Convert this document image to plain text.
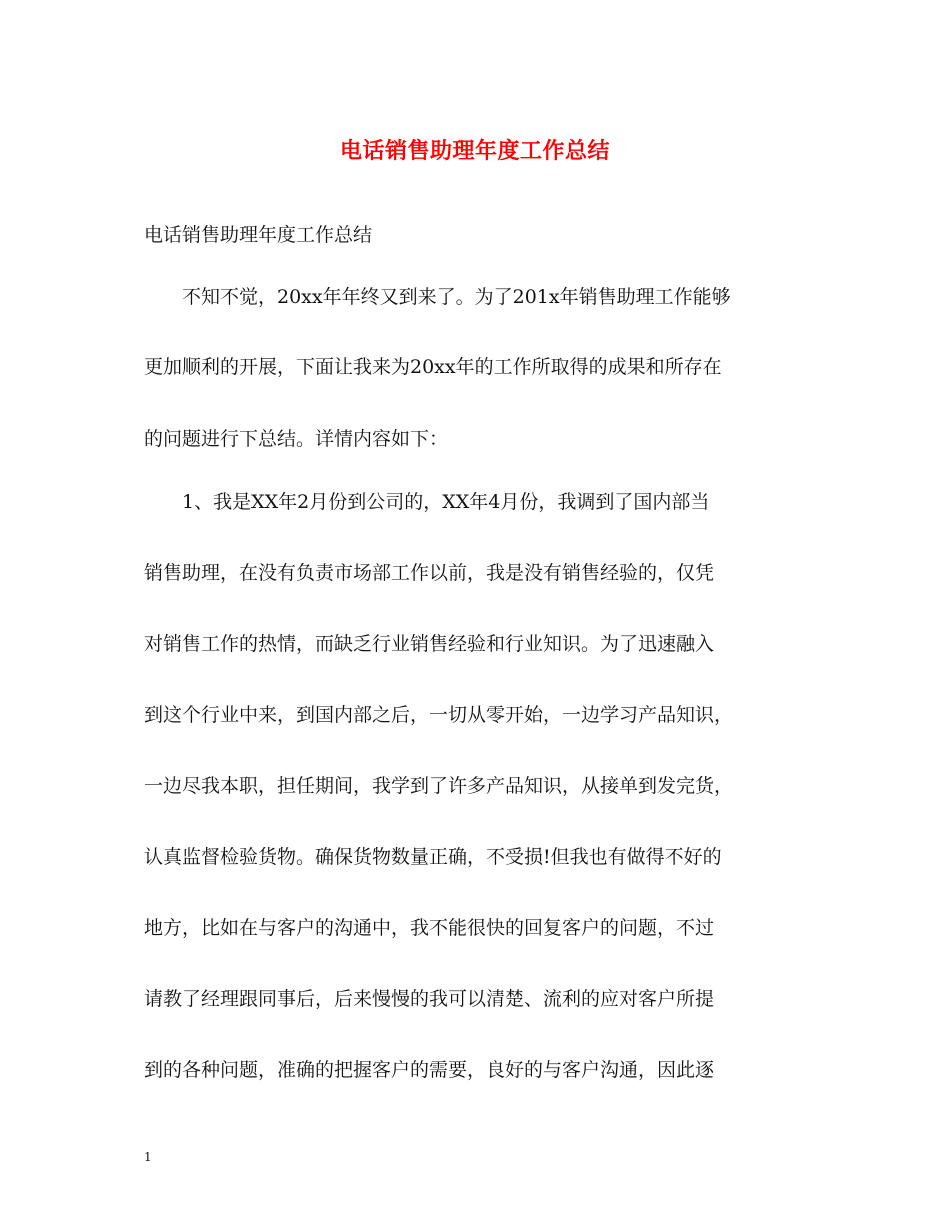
电话销售助理年度工作总结
电话销售助理年度工作总结
　　不知不觉，20xx年年终又到来了。为了201x年销售助理工作能够
更加顺利的开展，下面让我来为20xx年的工作所取得的成果和所存在
的问题进行下总结。详情内容如下：
　　1、我是XX年2月份到公司的，XX年4月份，我调到了国内部当
销售助理，在没有负责市场部工作以前，我是没有销售经验的，仅凭
对销售工作的热情，而缺乏行业销售经验和行业知识。为了迅速融入
到这个行业中来，到国内部之后，一切从零开始，一边学习产品知识，
一边尽我本职，担任期间，我学到了许多产品知识，从接单到发完货，
认真监督检验货物。确保货物数量正确，不受损!但我也有做得不好的
地方，比如在与客户的沟通中，我不能很快的回复客户的问题，不过
请教了经理跟同事后，后来慢慢的我可以清楚、流利的应对客户所提
到的各种问题，准确的把握客户的需要，良好的与客户沟通，因此逐
1
